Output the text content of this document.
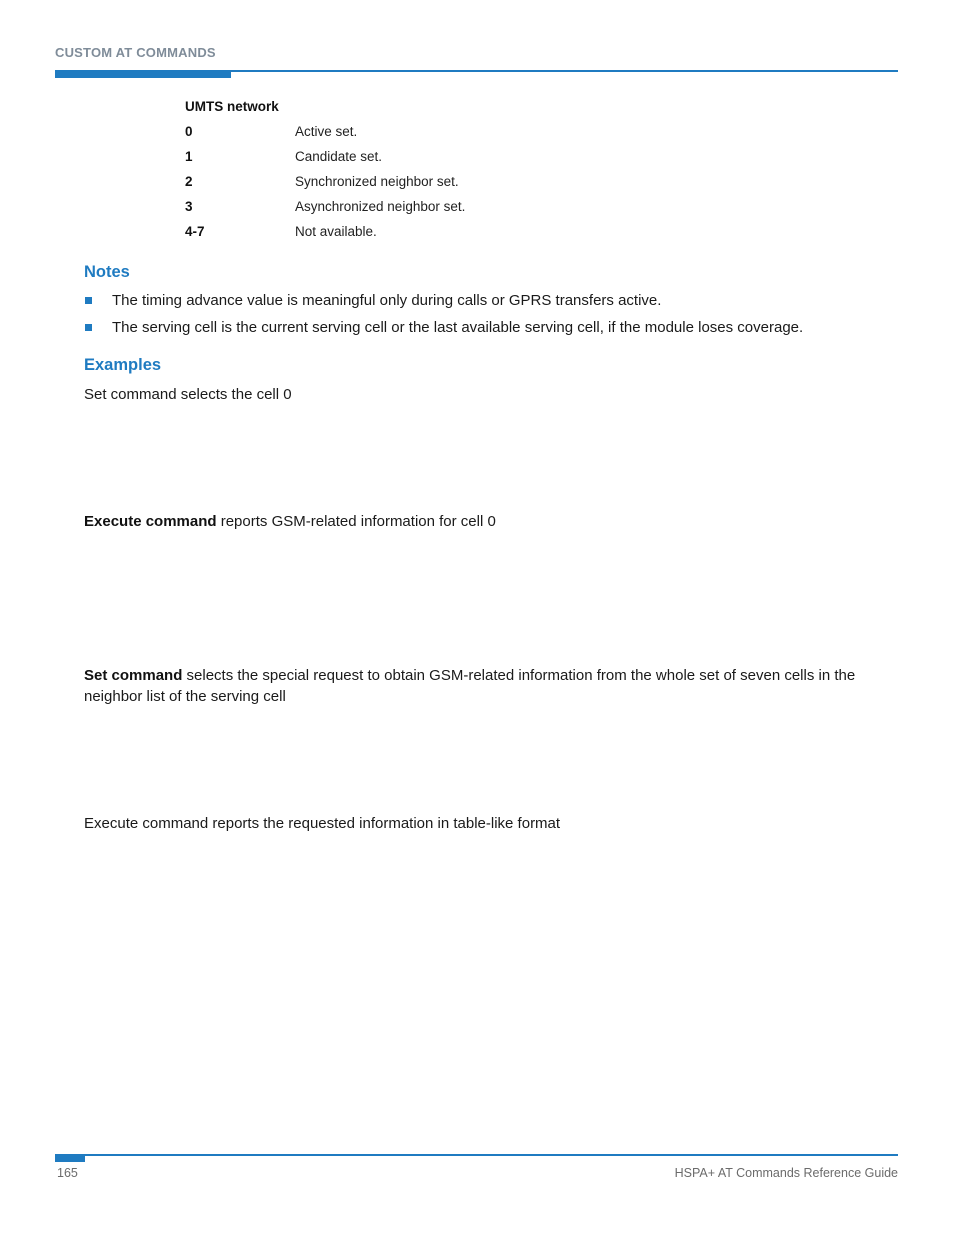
CUSTOM AT COMMANDS
UMTS network
0	Active set.
1	Candidate set.
2	Synchronized neighbor set.
3	Asynchronized neighbor set.
4-7	Not available.
Notes
The timing advance value is meaningful only during calls or GPRS transfers active.
The serving cell is the current serving cell or the last available serving cell, if the module loses coverage.
Examples
Set command selects the cell 0
Execute command reports GSM-related information for cell 0
Set command selects the special request to obtain GSM-related information from the whole set of seven cells in the neighbor list of the serving cell
Execute command reports the requested information in table-like format
165	HSPA+ AT Commands Reference Guide
